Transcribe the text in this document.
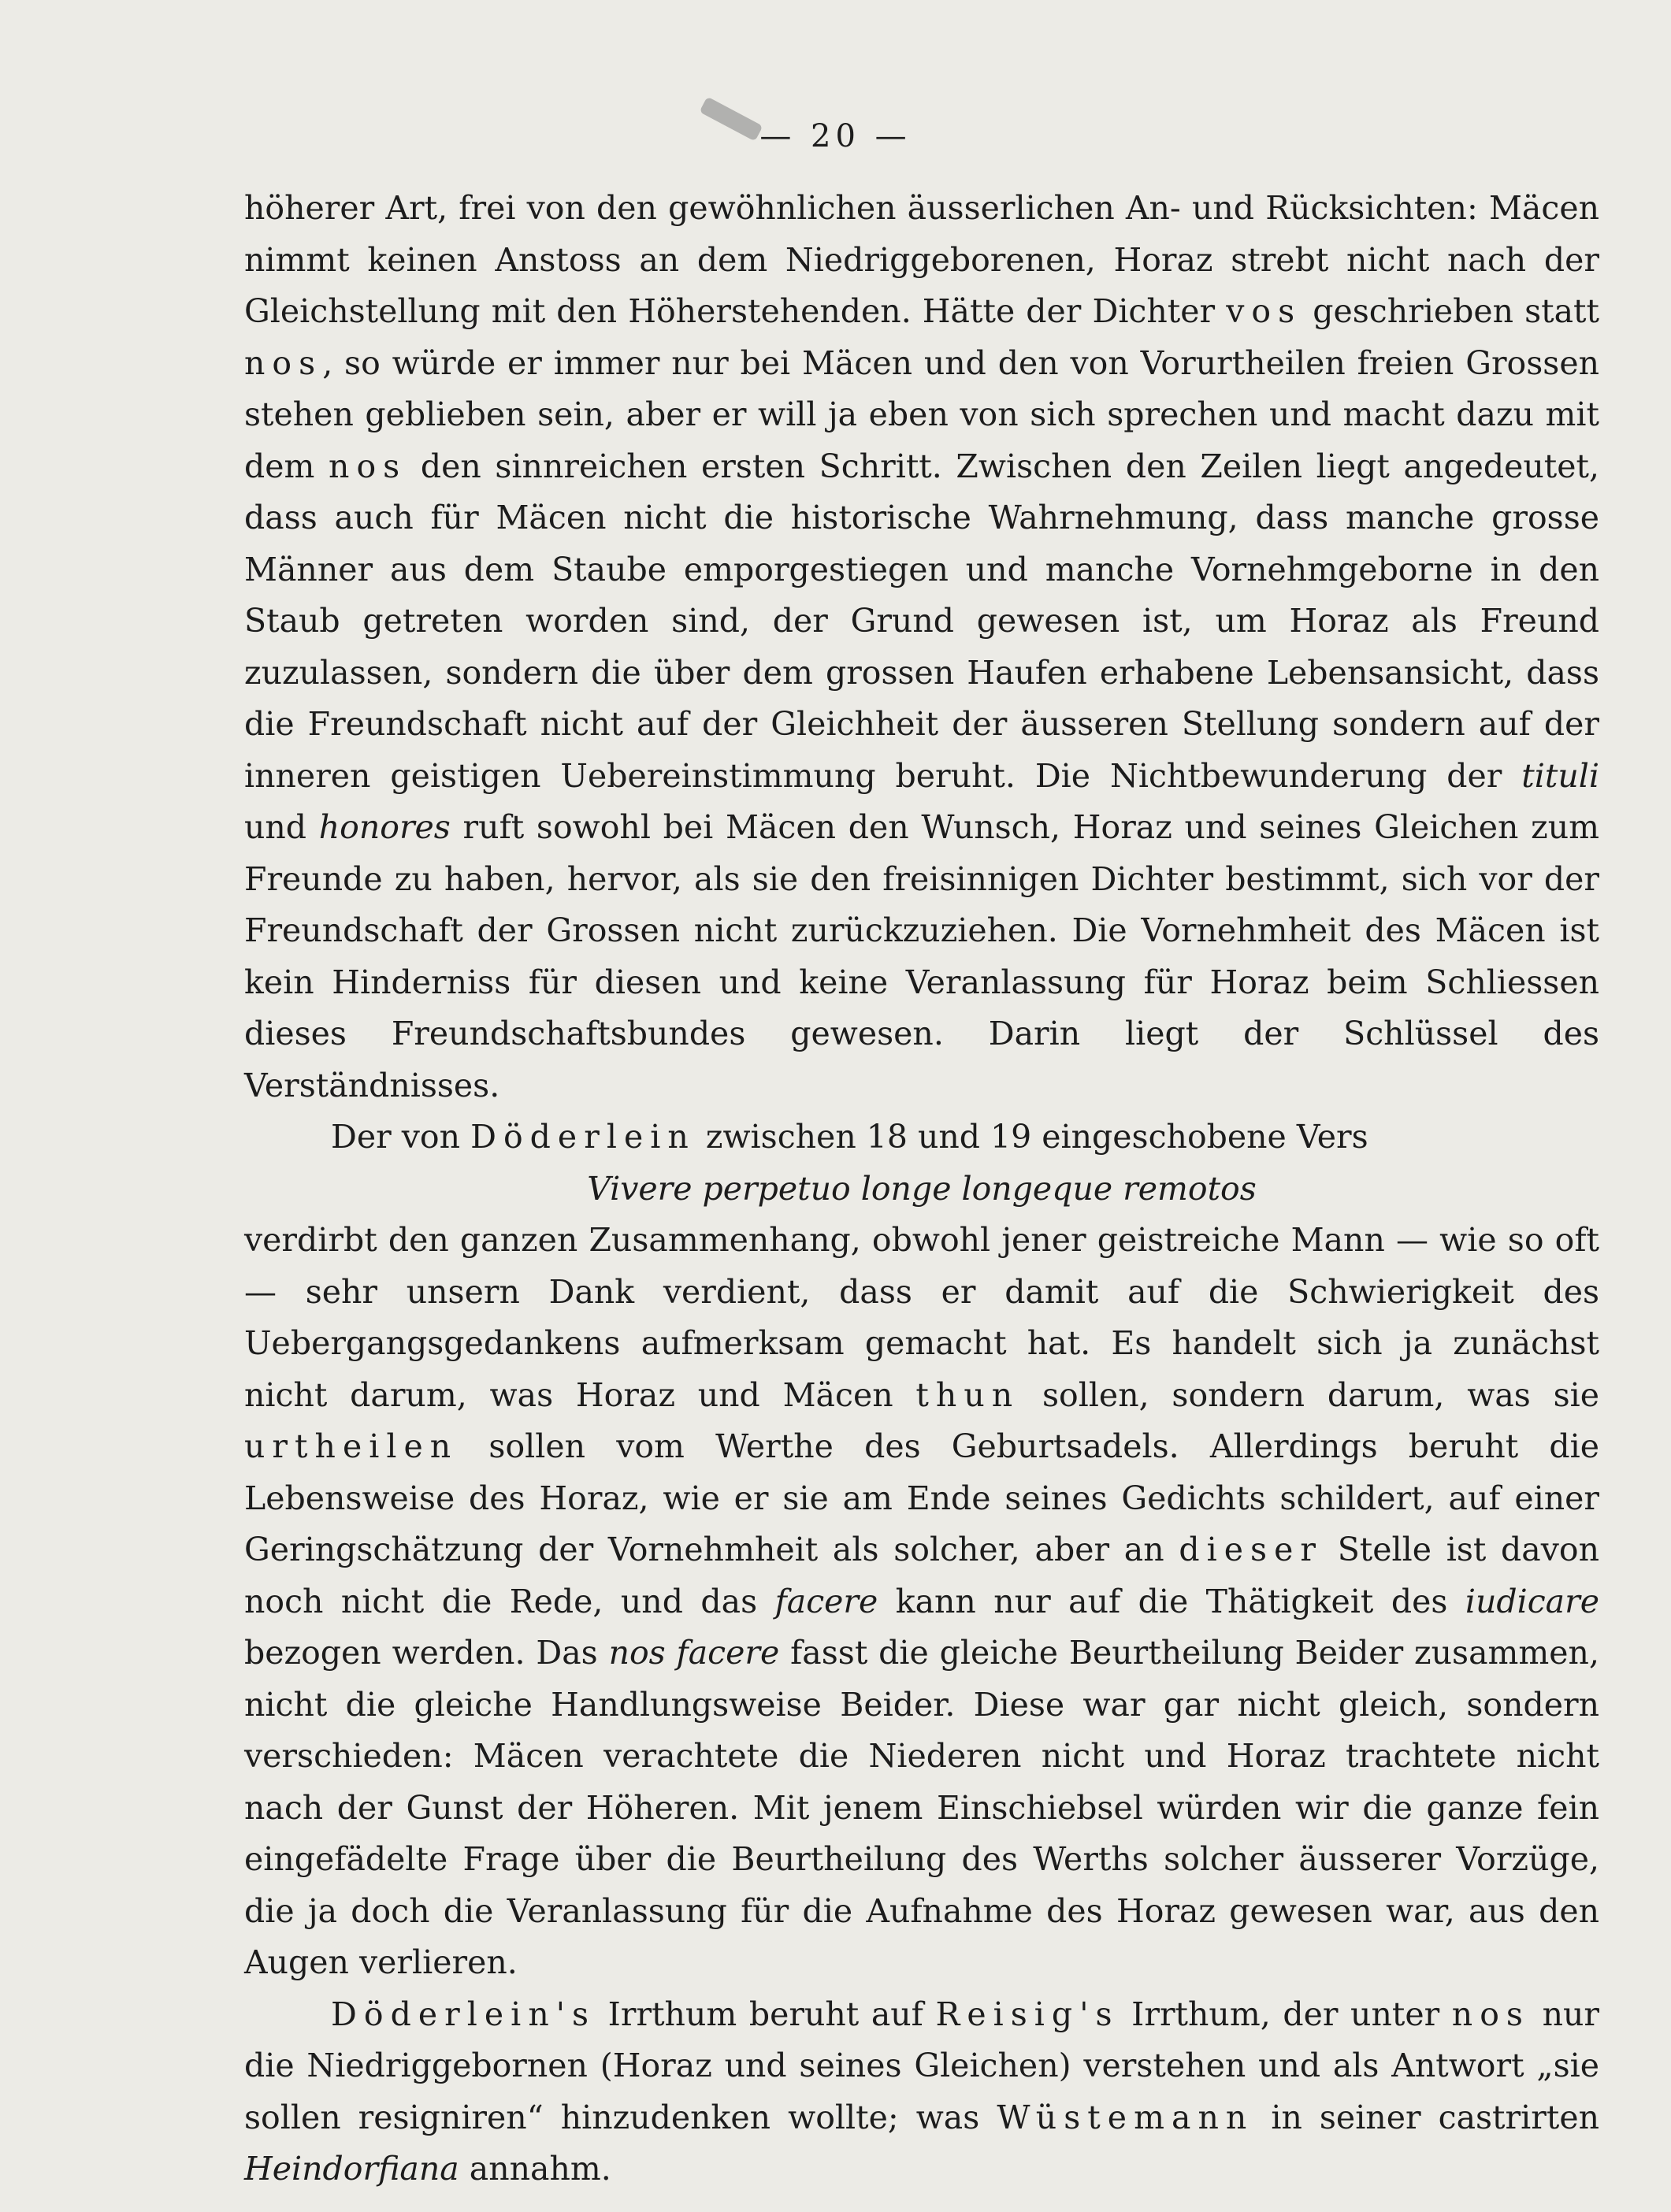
— 20 —

höherer Art, frei von den gewöhnlichen äusserlichen An- und Rücksichten: Mäcen nimmt keinen Anstoss an dem Niedriggeborenen, Horaz strebt nicht nach der Gleichstellung mit den Höherstehenden. Hätte der Dichter vos geschrieben statt nos, so würde er immer nur bei Mäcen und den von Vorurtheilen freien Grossen stehen geblieben sein, aber er will ja eben von sich sprechen und macht dazu mit dem nos den sinnreichen ersten Schritt. Zwischen den Zeilen liegt angedeutet, dass auch für Mäcen nicht die historische Wahrnehmung, dass manche grosse Männer aus dem Staube emporgestiegen und manche Vornehmgeborne in den Staub getreten worden sind, der Grund gewesen ist, um Horaz als Freund zuzulassen, sondern die über dem grossen Haufen erhabene Lebensansicht, dass die Freundschaft nicht auf der Gleichheit der äusseren Stellung sondern auf der inneren geistigen Uebereinstimmung beruht. Die Nichtbewunderung der tituli und honores ruft sowohl bei Mäcen den Wunsch, Horaz und seines Gleichen zum Freunde zu haben, hervor, als sie den freisinnigen Dichter bestimmt, sich vor der Freundschaft der Grossen nicht zurückzuziehen. Die Vornehmheit des Mäcen ist kein Hinderniss für diesen und keine Veranlassung für Horaz beim Schliessen dieses Freundschaftsbundes gewesen. Darin liegt der Schlüssel des Verständnisses.

Der von Döderlein zwischen 18 und 19 eingeschobene Vers

Vivere perpetuo longe longeque remotos

verdirbt den ganzen Zusammenhang, obwohl jener geistreiche Mann — wie so oft — sehr unsern Dank verdient, dass er damit auf die Schwierigkeit des Uebergangsgedankens aufmerksam gemacht hat. Es handelt sich ja zunächst nicht darum, was Horaz und Mäcen thun sollen, sondern darum, was sie urtheilen sollen vom Werthe des Geburtsadels. Allerdings beruht die Lebensweise des Horaz, wie er sie am Ende seines Gedichts schildert, auf einer Geringschätzung der Vornehmheit als solcher, aber an dieser Stelle ist davon noch nicht die Rede, und das facere kann nur auf die Thätigkeit des iudicare bezogen werden. Das nos facere fasst die gleiche Beurtheilung Beider zusammen, nicht die gleiche Handlungsweise Beider. Diese war gar nicht gleich, sondern verschieden: Mäcen verachtete die Niederen nicht und Horaz trachtete nicht nach der Gunst der Höheren. Mit jenem Einschiebsel würden wir die ganze fein eingefädelte Frage über die Beurtheilung des Werths solcher äusserer Vorzüge, die ja doch die Veranlassung für die Aufnahme des Horaz gewesen war, aus den Augen verlieren.

Döderlein's Irrthum beruht auf Reisig's Irrthum, der unter nos nur die Niedriggebornen (Horaz und seines Gleichen) verstehen und als Antwort „sie sollen resigniren“ hinzudenken wollte; was Wüstemann in seiner castrirten Heindorfiana annahm.
